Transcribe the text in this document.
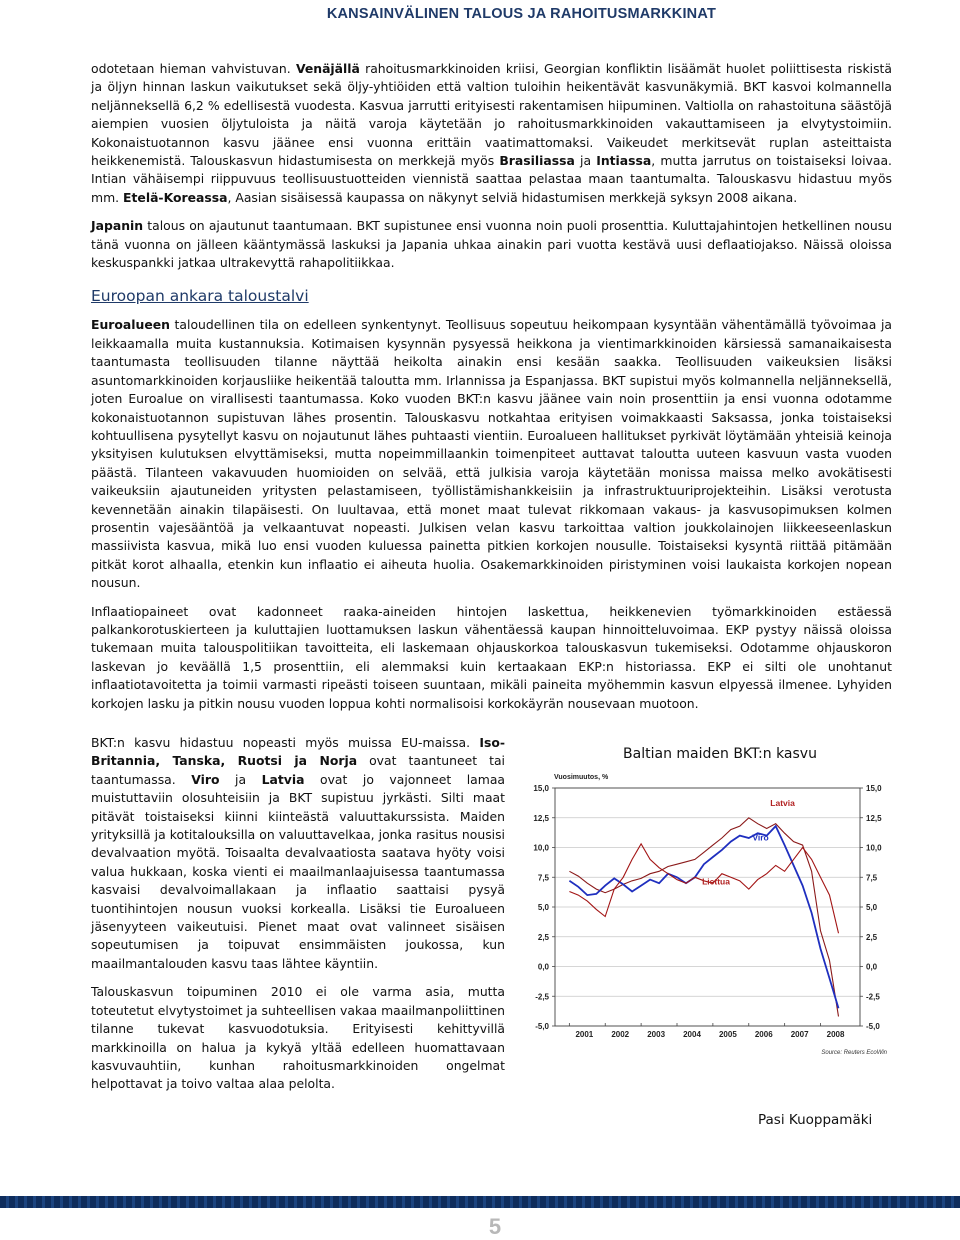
KANSAINVÄLINEN TALOUS JA RAHOITUSMARKKINAT

odotetaan hieman vahvistuvan. Venäjällä rahoitusmarkkinoiden kriisi, Georgian konfliktin lisäämät huolet poliittisesta riskistä ja öljyn hinnan laskun vaikutukset sekä öljy-yhtiöiden että valtion tuloihin heikentävät kasvunäkymiä. BKT kasvoi kolmannella neljänneksellä 6,2 % edellisestä vuodesta. Kasvua jarrutti erityisesti rakentamisen hiipuminen. Valtiolla on rahastoituna säästöjä aiempien vuosien öljytuloista ja näitä varoja käytetään jo rahoitusmarkkinoiden vakauttamiseen ja elvytystoimiin. Kokonaistuotannon kasvu jäänee ensi vuonna erittäin vaatimattomaksi. Vaikeudet merkitsevät ruplan asteittaista heikkenemistä. Talouskasvun hidastumisesta on merkkejä myös Brasiliassa ja Intiassa, mutta jarrutus on toistaiseksi loivaa. Intian vähäisempi riippuvuus teollisuustuotteiden viennistä saattaa pelastaa maan taantumalta. Talouskasvu hidastuu myös mm. Etelä-Koreassa, Aasian sisäisessä kaupassa on näkynyt selviä hidastumisen merkkejä syksyn 2008 aikana.

Japanin talous on ajautunut taantumaan. BKT supistunee ensi vuonna noin puoli prosenttia. Kuluttajahintojen hetkellinen nousu tänä vuonna on jälleen kääntymässä laskuksi ja Japania uhkaa ainakin pari vuotta kestävä uusi deflaatiojakso. Näissä oloissa keskuspankki jatkaa ultrakevyttä rahapolitiikkaa.

Euroopan ankara taloustalvi

Euroalueen taloudellinen tila on edelleen synkentynyt. Teollisuus sopeutuu heikompaan kysyntään vähentämällä työvoimaa ja leikkaamalla muita kustannuksia. Kotimaisen kysynnän pysyessä heikkona ja vientimarkkinoiden kärsiessä samanaikaisesta taantumasta teollisuuden tilanne näyttää heikolta ainakin ensi kesään saakka. Teollisuuden vaikeuksien lisäksi asuntomarkkinoiden korjausliike heikentää taloutta mm. Irlannissa ja Espanjassa. BKT supistui myös kolmannella neljänneksellä, joten Euroalue on virallisesti taantumassa. Koko vuoden BKT:n kasvu jäänee vain noin prosenttiin ja ensi vuonna odotamme kokonaistuotannon supistuvan lähes prosentin. Talouskasvu notkahtaa erityisen voimakkaasti Saksassa, jonka toistaiseksi kohtuullisena pysytellyt kasvu on nojautunut lähes puhtaasti vientiin. Euroalueen hallitukset pyrkivät löytämään yhteisiä keinoja yksityisen kulutuksen elvyttämiseksi, mutta nopeimmillaankin toimenpiteet auttavat taloutta uuteen kasvuun vasta vuoden päästä. Tilanteen vakavuuden huomioiden on selvää, että julkisia varoja käytetään monissa maissa melko avokätisesti vaikeuksiin ajautuneiden yritysten pelastamiseen, työllistämishankkeisiin ja infrastruktuuriprojekteihin. Lisäksi verotusta kevennetään ainakin tilapäisesti. On luultavaa, että monet maat tulevat rikkomaan vakaus- ja kasvusopimuksen kolmen prosentin vajesääntöä ja velkaantuvat nopeasti. Julkisen velan kasvu tarkoittaa valtion joukkolainojen liikkeeseenlaskun massiivista kasvua, mikä luo ensi vuoden kuluessa painetta pitkien korkojen nousulle. Toistaiseksi kysyntä riittää pitämään pitkät korot alhaalla, etenkin kun inflaatio ei aiheuta huolia. Osakemarkkinoiden piristyminen voisi laukaista korkojen nopean nousun.

Inflaatiopaineet ovat kadonneet raaka-aineiden hintojen laskettua, heikkenevien työmarkkinoiden estäessä palkankorotuskierteen ja kuluttajien luottamuksen laskun vähentäessä kaupan hinnoitteluvoimaa. EKP pystyy näissä oloissa tukemaan muita talouspolitiikan tavoitteita, eli laskemaan ohjauskorkoa talouskasvun tukemiseksi. Odotamme ohjauskoron laskevan jo keväällä 1,5 prosenttiin, eli alemmaksi kuin kertaakaan EKP:n historiassa. EKP ei silti ole unohtanut inflaatiotavoitetta ja toimii varmasti ripeästi toiseen suuntaan, mikäli paineita myöhemmin kasvun elpyessä ilmenee. Lyhyiden korkojen lasku ja pitkin nousu vuoden loppua kohti normalisoisi korkokäyrän nousevaan muotoon.

BKT:n kasvu hidastuu nopeasti myös muissa EU-maissa. Iso-Britannia, Tanska, Ruotsi ja Norja ovat taantuneet tai taantumassa. Viro ja Latvia ovat jo vajonneet lamaa muistuttaviin olosuhteisiin ja BKT supistuu jyrkästi. Silti maat pitävät toistaiseksi kiinni kiinteästä valuuttakurssista. Maiden yrityksillä ja kotitalouksilla on valuuttavelkaa, jonka rasitus nousisi devalvaation myötä. Toisaalta devalvaatiosta saatava hyöty voisi valua hukkaan, koska vienti ei maailmanlaajuisessa taantumassa kasvaisi devalvoimallakaan ja inflaatio saattaisi pysyä tuontihintojen nousun vuoksi korkealla. Lisäksi tie Euroalueen jäsenyyteen vaikeutuisi. Pienet maat ovat valinneet sisäisen sopeutumisen ja toipuvat ensimmäisten joukossa, kun maailmantalouden kasvu taas lähtee käyntiin.

Talouskasvun toipuminen 2010 ei ole varma asia, mutta toteutetut elvytystoimet ja suhteellisen vakaa maailmanpoliittinen tilanne tukevat kasvuodotuksia. Erityisesti kehittyvillä markkinoilla on halua ja kykyä yltää edelleen huomattavaan kasvuvauhtiin, kunhan rahoitusmarkkinoiden ongelmat helpottavat ja toivo valtaa alaa pelolta.

Baltian maiden BKT:n kasvu
Vuosimuutos, %
15,0	15,0
12,5	12,5
10,0	10,0
7,5	7,5
5,0	5,0
2,5	2,5
0,0	0,0
-2,5	-2,5
-5,0	-5,0
2001 2002 2003 2004 2005 2006 2007 2008
Latvia
Viro
Liettua
Source: Reuters EcoWin
Pasi Kuoppamäki
5
